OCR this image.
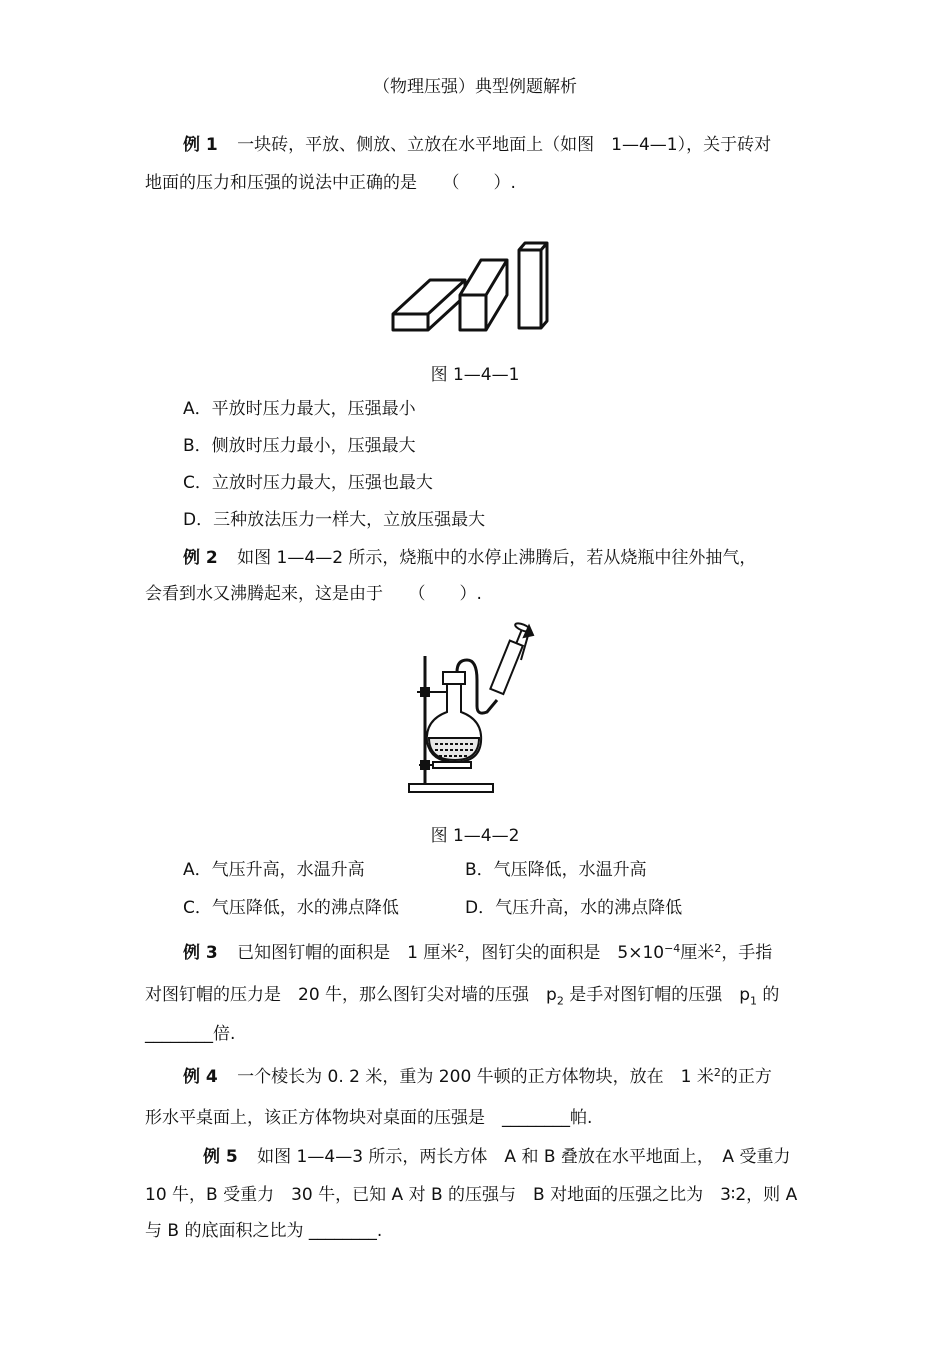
（物理压强）典型例题解析
例 1 一块砖，平放、侧放、立放在水平地面上（如图　1—4—1），关于砖对
地面的压力和压强的说法中正确的是　　（　　）.
图 1—4—1
A．平放时压力最大，压强最小
B．侧放时压力最小，压强最大
C．立放时压力最大，压强也最大
D．三种放法压力一样大，立放压强最大
例 2 如图 1—4—2 所示，烧瓶中的水停止沸腾后，若从烧瓶中往外抽气，
会看到水又沸腾起来，这是由于　　（　　）.
图 1—4—2
A．气压升高，水温升高	B．气压降低，水温升高
C．气压降低，水的沸点降低	D．气压升高，水的沸点降低
例 3 已知图钉帽的面积是　1 厘米$^2$，图钉尖的面积是　$5\times 10^{-4}$厘米$^2$，手指
对图钉帽的压力是　20 牛，那么图钉尖对墙的压强　$p_2$ 是手对图钉帽的压强　$p_1$ 的
________倍.
例 4 一个棱长为 0. 2 米，重为 200 牛顿的正方体物块，放在　1 米$^2$的正方
形水平桌面上，该正方体物块对桌面的压强是　________帕.
例 5 如图 1—4—3 所示，两长方体　A 和 B 叠放在水平地面上，　A 受重力
10 牛，B 受重力　30 牛，已知 A 对 B 的压强与　B 对地面的压强之比为　3∶2，则 A
与 B 的底面积之比为 ________.
